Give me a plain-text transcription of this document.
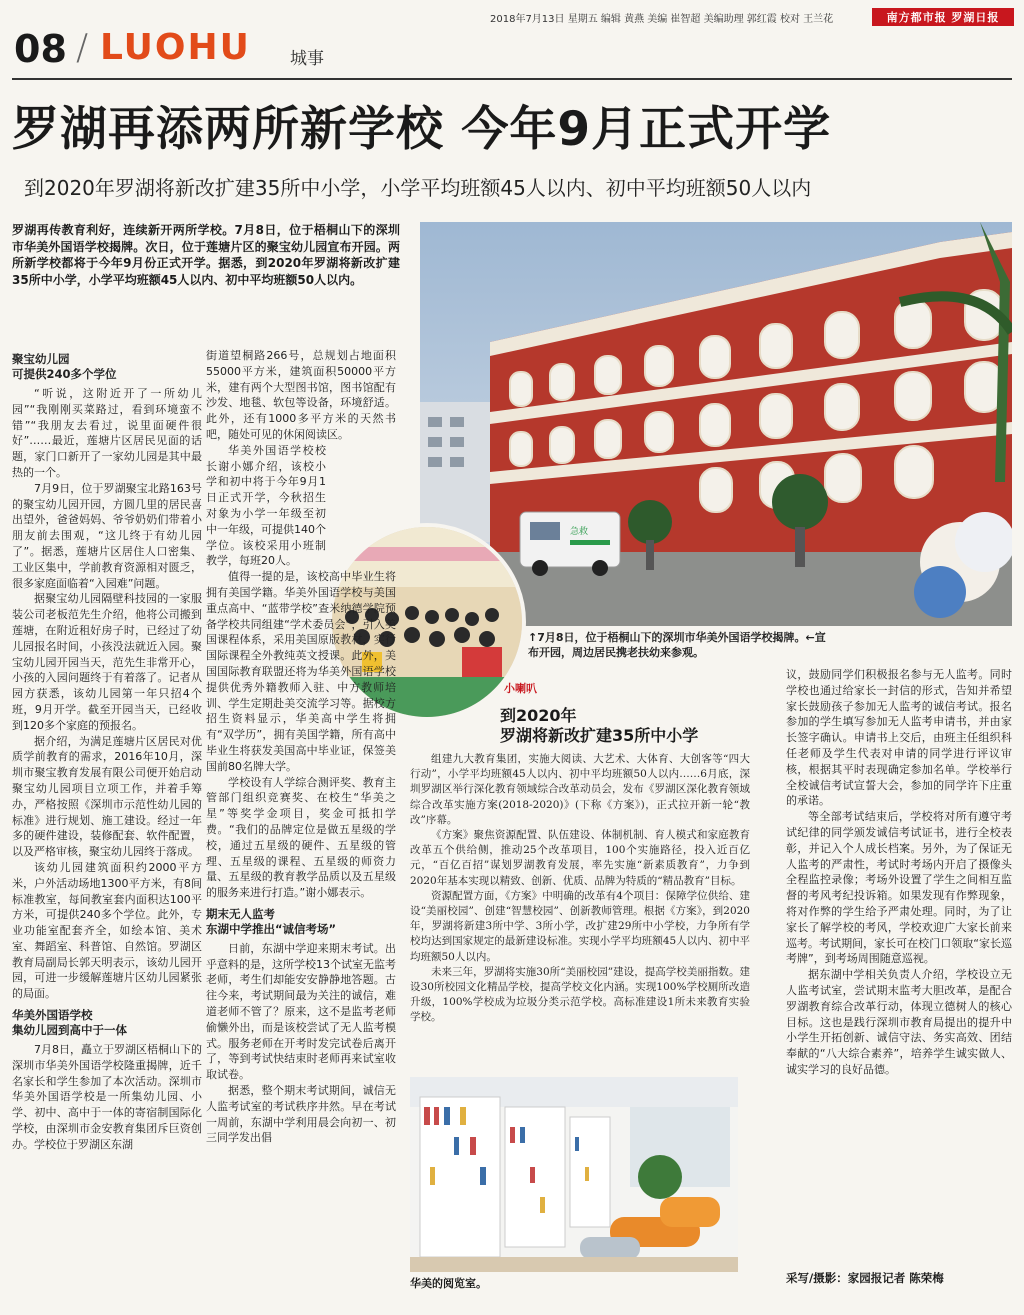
2018年7月13日 星期五 编辑 黄燕 美编 崔智超 美编助理 郭红霞 校对 王兰花	南方都市报 罗湖日报
08 / LUOHU 城事
罗湖再添两所新学校 今年9月正式开学
到2020年罗湖将新改扩建35所中小学，小学平均班额45人以内、初中平均班额50人以内
罗湖再传教育利好，连续新开两所学校。7月8日，位于梧桐山下的深圳市华美外国语学校揭牌。次日，位于莲塘片区的聚宝幼儿园宣布开园。两所新学校都将于今年9月份正式开学。据悉，到2020年罗湖将新改扩建35所中小学，小学平均班额45人以内、初中平均班额50人以内。
急救
↑7月8日，位于梧桐山下的深圳市华美外国语学校揭牌。←宣布开园，周边居民携老扶幼来参观。
聚宝幼儿园
可提供240多个学位

“听说，这附近开了一所幼儿园”“我刚刚买菜路过，看到环境蛮不错”“我朋友去看过，说里面硬件很好”……最近，莲塘片区居民见面的话题，家门口新开了一家幼儿园是其中最热的一个。

7月9日，位于罗湖聚宝北路163号的聚宝幼儿园开园，方圆几里的居民喜出望外，爸爸妈妈、爷爷奶奶们带着小朋友前去围观，“这儿终于有幼儿园了”。据悉，莲塘片区居住人口密集、工业区集中，学前教育资源相对匮乏，很多家庭面临着“入园难”问题。

据聚宝幼儿园隔壁科技园的一家服装公司老板范先生介绍，他将公司搬到莲塘，在附近租好房子时，已经过了幼儿园报名时间，小孩没法就近入园。聚宝幼儿园开园当天，范先生非常开心，小孩的入园问题终于有着落了。记者从园方获悉，该幼儿园第一年只招4个班，9月开学。截至开园当天，已经收到120多个家庭的预报名。

据介绍，为满足莲塘片区居民对优质学前教育的需求，2016年10月，深圳市聚宝教育发展有限公司便开始启动聚宝幼儿园项目立项工作，并着手筹办，严格按照《深圳市示范性幼儿园的标准》进行规划、施工建设。经过一年多的硬件建设，装修配套、软件配置，以及严格审核，聚宝幼儿园终于落成。

该幼儿园建筑面积约2000平方米，户外活动场地1300平方米，有8间标准教室，每间教室套内面积达100平方米，可提供240多个学位。此外，专业功能室配套齐全，如绘本馆、美术室、舞蹈室、科普馆、自然馆。罗湖区教育局副局长郭天明表示，该幼儿园开园，可进一步缓解莲塘片区幼儿园紧张的局面。

华美外国语学校
集幼儿园到高中于一体

7月8日，矗立于罗湖区梧桐山下的深圳市华美外国语学校隆重揭牌，近千名家长和学生参加了本次活动。深圳市华美外国语学校是一所集幼儿园、小学、初中、高中于一体的寄宿制国际化学校，由深圳市金安教育集团斥巨资创办。学校位于罗湖区东湖

街道望桐路266号，总规划占地面积55000平方米，建筑面积50000平方米，建有两个大型图书馆，图书馆配有沙发、地毯、软包等设备，环境舒适。此外，还有1000多平方米的天然书吧，随处可见的休闲阅读区。

华美外国语学校校长谢小娜介绍，该校小学和初中将于今年9月1日正式开学，今秋招生对象为小学一年级至初中一年级，可提供140个学位。该校采用小班制教学，每班20人。

值得一提的是，该校高中毕业生将拥有美国学籍。华美外国语学校与美国重点高中、“蓝带学校”查米纳德学院预备学校共同组建“学术委员会”，引入美国课程体系，采用美国原版教材，实行国际课程全外教纯英文授课。此外，美国国际教育联盟还将为华美外国语学校提供优秀外籍教师入驻、中方教师培训、学生定期赴美交流学习等。据校方招生资料显示，华美高中学生将拥有“双学历”，拥有美国学籍，所有高中毕业生将获发美国高中毕业证，保签美国前80名牌大学。

学校设有人学综合测评奖、教育主管部门组织竞赛奖、在校生“华美之星”等奖学金项目，奖金可抵扣学费。“我们的品牌定位是做五星级的学校，通过五星级的硬件、五星级的管理、五星级的课程、五星级的师资力量、五星级的教育教学品质以及五星级的服务来进行打造。”谢小娜表示。

期末无人监考
东湖中学推出“诚信考场”

日前，东湖中学迎来期末考试。出乎意料的是，这所学校13个试室无监考老师，考生们却能安安静静地答题。古往今来，考试期间最为关注的诚信，难道老师不管了？原来，这不是监考老师偷懒外出，而是该校尝试了无人监考模式。服务老师在开考时发完试卷后离开了，等到考试快结束时老师再来试室收取试卷。

据悉，整个期末考试期间，诚信无人监考试室的考试秩序井然。早在考试一周前，东湖中学利用晨会向初一、初三同学发出倡

小喇叭
到2020年
罗湖将新改扩建35所中小学

组建九大教育集团，实施大阅读、大艺术、大体育、大创客等“四大行动”，小学平均班额45人以内、初中平均班额50人以内……6月底，深圳罗湖区举行深化教育领域综合改革动员会，发布《罗湖区深化教育领域综合改革实施方案(2018-2020)》(下称《方案》)，正式拉开新一轮“教改”序幕。

《方案》聚焦资源配置、队伍建设、体制机制、育人模式和家庭教育改革五个供给侧，推动25个改革项目，100个实施路径，投入近百亿元，“百亿百招”谋划罗湖教育发展，率先实施“新素质教育”，力争到2020年基本实现以精致、创新、优质、品牌为特质的“精品教育”目标。

资源配置方面，《方案》中明确的改革有4个项目：保障学位供给、建设“美丽校园”、创建“智慧校园”、创新教师管理。根据《方案》，到2020年，罗湖将新建3所中学、3所小学，改扩建29所中小学校，力争所有学校均达到国家规定的最新建设标准。实现小学平均班额45人以内、初中平均班额50人以内。

未来三年，罗湖将实施30所“美丽校园”建设，提高学校美丽指数。建设30所校园文化精品学校，提高学校文化内涵。实现100%学校厕所改造升级，100%学校成为垃圾分类示范学校。高标准建设1所未来教育实验学校。

华美的阅览室。

议，鼓励同学们积极报名参与无人监考。同时学校也通过给家长一封信的形式，告知并希望家长鼓励孩子参加无人监考的诚信考试。报名参加的学生填写参加无人监考申请书，并由家长签字确认。申请书上交后，由班主任组织科任老师及学生代表对申请的同学进行评议审核，根据其平时表现确定参加名单。学校举行全校诚信考试宣誓大会，参加的同学许下庄重的承诺。

等全部考试结束后，学校将对所有遵守考试纪律的同学颁发诚信考试证书，进行全校表彰，并记入个人成长档案。另外，为了保证无人监考的严肃性，考试时考场内开启了摄像头全程监控录像；考场外设置了学生之间相互监督的考风考纪投诉箱。如果发现有作弊现象，将对作弊的学生给予严肃处理。同时，为了让家长了解学校的考风，学校欢迎广大家长前来巡考。考试期间，家长可在校门口领取“家长巡考牌”，到考场周围随意巡视。

据东湖中学相关负责人介绍，学校设立无人监考试室，尝试期末监考大胆改革，是配合罗湖教育综合改革行动，体现立德树人的核心目标。这也是践行深圳市教育局提出的提升中小学生开拓创新、诚信守法、务实高效、团结奉献的“八大综合素养”，培养学生诚实做人、诚实学习的良好品德。

采写/摄影：家园报记者 陈荣梅
